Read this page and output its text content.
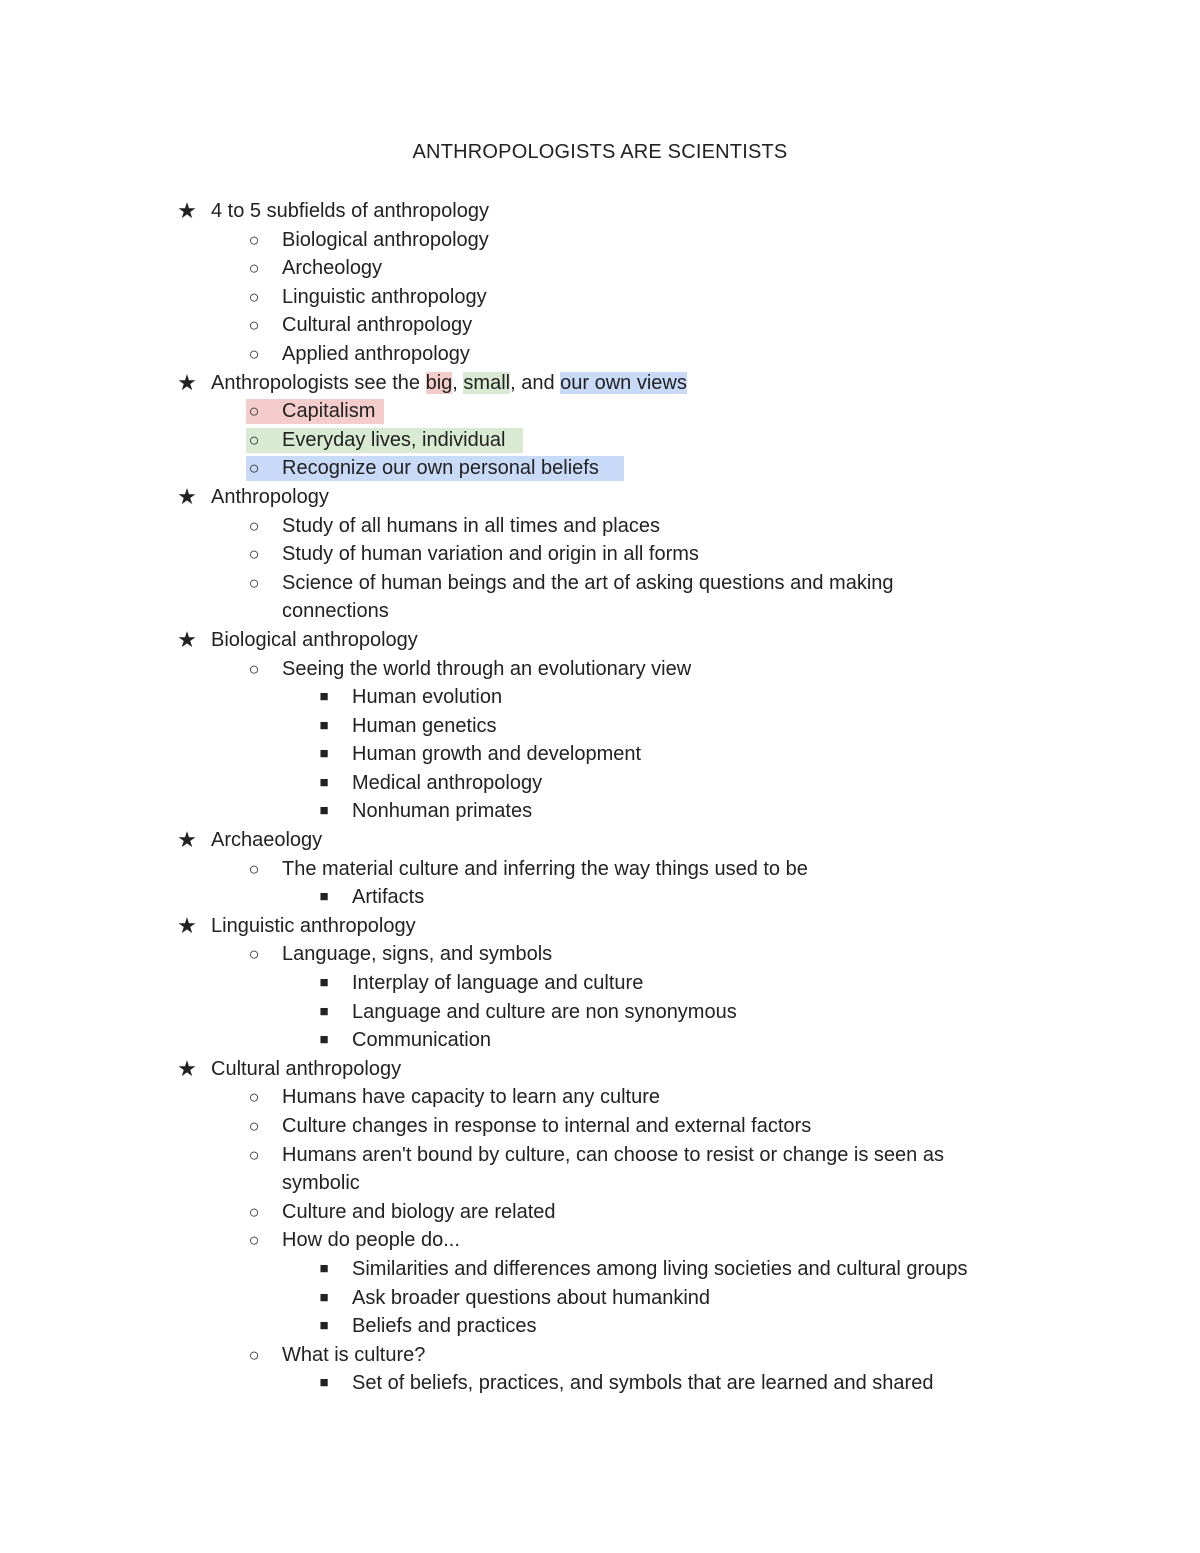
ANTHROPOLOGISTS ARE SCIENTISTS
★ 4 to 5 subfields of anthropology
○	Biological anthropology
○	Archeology
○	Linguistic anthropology
○	Cultural anthropology
○	Applied anthropology
★ Anthropologists see the big, small, and our own views
○	Capitalism
○	Everyday lives, individual
○	Recognize our own personal beliefs
★ Anthropology
○	Study of all humans in all times and places
○	Study of human variation and origin in all forms
○	Science of human beings and the art of asking questions and making connections
★ Biological anthropology
○	Seeing the world through an evolutionary view
■	Human evolution
■	Human genetics
■	Human growth and development
■	Medical anthropology
■	Nonhuman primates
★ Archaeology
○	The material culture and inferring the way things used to be
■	Artifacts
★ Linguistic anthropology
○	Language, signs, and symbols
■	Interplay of language and culture
■	Language and culture are non synonymous
■	Communication
★ Cultural anthropology
○	Humans have capacity to learn any culture
○	Culture changes in response to internal and external factors
○	Humans aren't bound by culture, can choose to resist or change is seen as symbolic
○	Culture and biology are related
○	How do people do...
■	Similarities and differences among living societies and cultural groups
■	Ask broader questions about humankind
■	Beliefs and practices
○	What is culture?
■	Set of beliefs, practices, and symbols that are learned and shared
